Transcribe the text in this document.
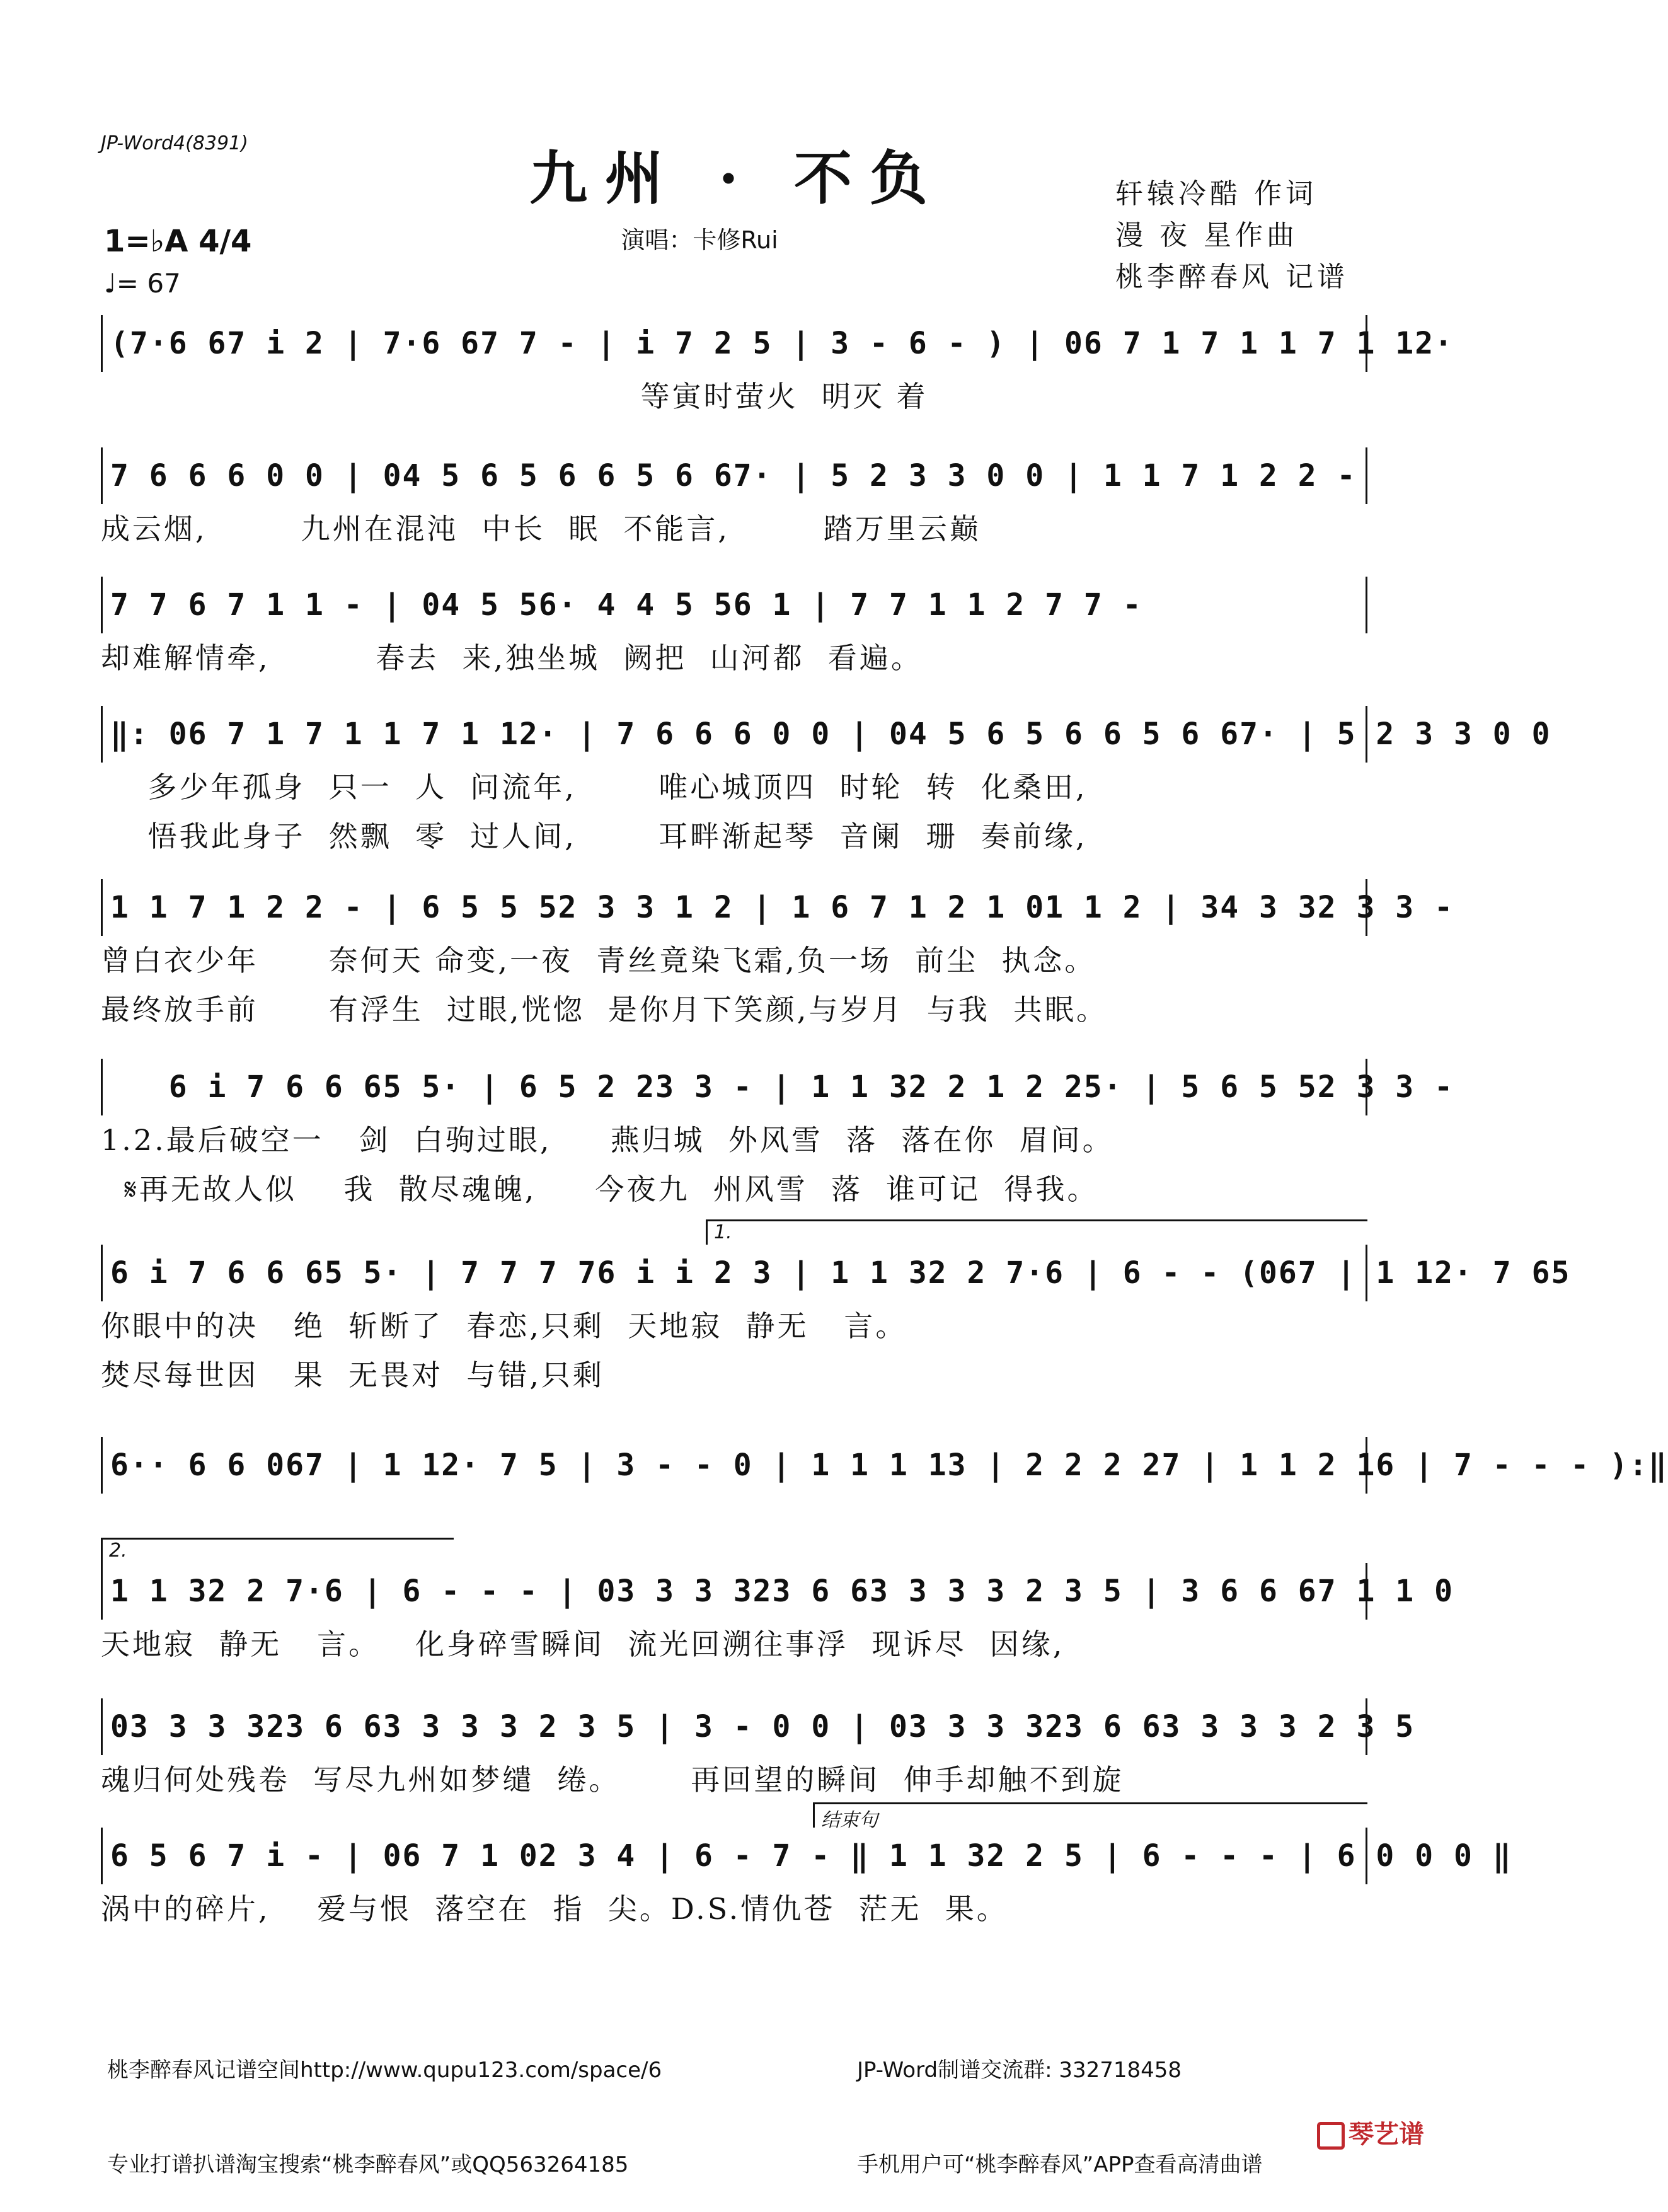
JP-Word4(8391)
九州 · 不负
演唱：卡修Rui
轩辕冷酷 作词
漫 夜 星作曲
桃李醉春风 记谱
1=♭A 4/4
♩= 67
(7·6 67 i 2 | 7·6 67 7 - | i 7 2 5 | 3 - 6 - ) | 06 7 1 7 1 1 7 1 12·
等寅时萤火  明灭 着
7 6 6 6 0 0 | 04 5 6 5 6 6 5 6 67· | 5 2 3 3 0 0 | 1 1 7 1 2 2 -
成云烟,        九州在混沌  中长  眠  不能言,        踏万里云巅
7 7 6 7 1 1 - | 04 5 56· 4 4 5 56 1 | 7 7 1 1 2 7 7 -
却难解情牵,         春去  来,独坐城  阙把  山河都  看遍。
‖: 06 7 1 7 1 1 7 1 12· | 7 6 6 6 0 0 | 04 5 6 5 6 6 5 6 67· | 5 2 3 3 0 0
多少年孤身  只一  人  问流年,       唯心城顶四  时轮  转  化桑田,
悟我此身子  然飘  零  过人间,       耳畔渐起琴  音阑  珊  奏前缘,
1 1 7 1 2 2 - | 6 5 5 52 3 3 1 2 | 1 6 7 1 2 1 01 1 2 | 34 3 32 3 3 -
曾白衣少年      奈何天 命变,一夜  青丝竟染飞霜,负一场  前尘  执念。
最终放手前      有浮生  过眼,恍惚  是你月下笑颜,与岁月  与我  共眠。
6 i 7 6 6 65 5· | 6 5 2 23 3 - | 1 1 32 2 1 2 25· | 5 6 5 52 3 3 -
1.2.最后破空一   剑  白驹过眼,     燕归城  外风雪  落  落在你  眉间。
𝄋再无故人似    我  散尽魂魄,     今夜九  州风雪  落  谁可记  得我。
1.
6 i 7 6 6 65 5· | 7 7 7 76 i i 2 3 | 1 1 32 2 7·6 | 6 - - (067 | 1 12· 7 65
你眼中的决   绝  斩断了  春恋,只剩  天地寂  静无   言。
焚尽每世因   果  无畏对  与错,只剩
6·· 6 6 067 | 1 12· 7 5 | 3 - - 0 | 1 1 1 13 | 2 2 2 27 | 1 1 2 16 | 7 - - - ):‖
2.
1 1 32 2 7·6 | 6 - - - | 03 3 3 323 6 63 3 3 3 2 3 5 | 3 6 6 67 1 1 0
天地寂  静无   言。   化身碎雪瞬间  流光回溯往事浮  现诉尽  因缘,
03 3 3 323 6 63 3 3 3 2 3 5 | 3 - 0 0 | 03 3 3 323 6 63 3 3 3 2 3 5
魂归何处残卷  写尽九州如梦缱  绻。      再回望的瞬间  伸手却触不到旋
结束句
6 5 6 7 i - | 06 7 1 02 3 4 | 6 - 7 - ‖ 1 1 32 2 5 | 6 - - - | 6 0 0 0 ‖
涡中的碎片,    爱与恨  落空在  指  尖。D.S.情仇苍  茫无  果。

桃李醉春风记谱空间http://www.qupu123.com/space/6

专业打谱扒谱淘宝搜索“桃李醉春风”或QQ563264185

JP-Word制谱交流群: 332718458

手机用户可“桃李醉春风”APP查看高清曲谱

琴艺谱
